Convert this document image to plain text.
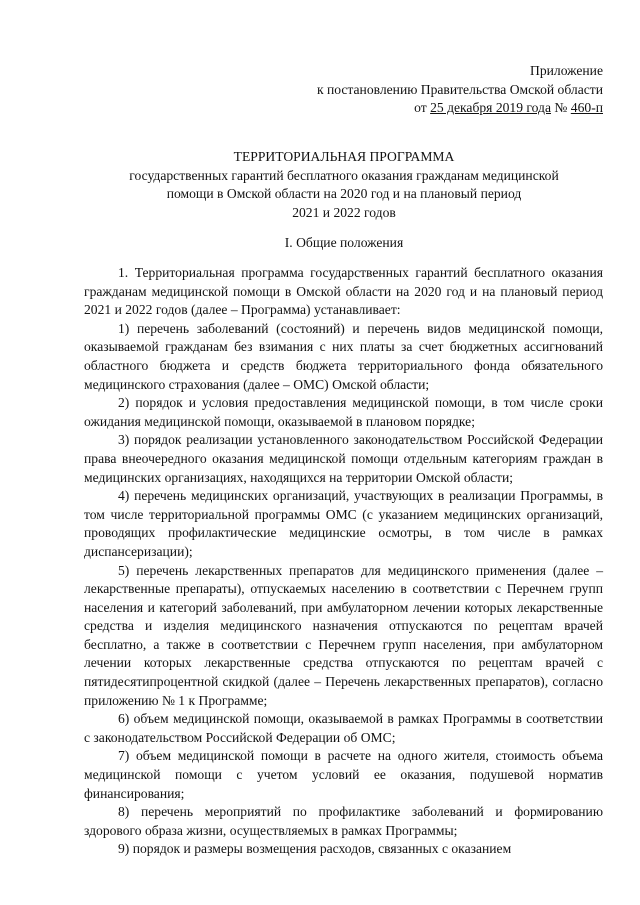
Приложение
к постановлению Правительства Омской области
от 25 декабря 2019 года № 460-п
ТЕРРИТОРИАЛЬНАЯ ПРОГРАММА
государственных гарантий бесплатного оказания гражданам медицинской
помощи в Омской области на 2020 год и на плановый период
2021 и 2022 годов
I. Общие положения

1. Территориальная программа государственных гарантий бесплатного оказания гражданам медицинской помощи в Омской области на 2020 год и на плановый период 2021 и 2022 годов (далее – Программа) устанавливает:

1) перечень заболеваний (состояний) и перечень видов медицинской помощи, оказываемой гражданам без взимания с них платы за счет бюджетных ассигнований областного бюджета и средств бюджета территориального фонда обязательного медицинского страхования (далее – ОМС) Омской области;

2) порядок и условия предоставления медицинской помощи, в том числе сроки ожидания медицинской помощи, оказываемой в плановом порядке;

3) порядок реализации установленного законодательством Российской Федерации права внеочередного оказания медицинской помощи отдельным категориям граждан в медицинских организациях, находящихся на территории Омской области;

4) перечень медицинских организаций, участвующих в реализации Программы, в том числе территориальной программы ОМС (с указанием медицинских организаций, проводящих профилактические медицинские осмотры, в том числе в рамках диспансеризации);

5) перечень лекарственных препаратов для медицинского применения (далее – лекарственные препараты), отпускаемых населению в соответствии с Перечнем групп населения и категорий заболеваний, при амбулаторном лечении которых лекарственные средства и изделия медицинского назначения отпускаются по рецептам врачей бесплатно, а также в соответствии с Перечнем групп населения, при амбулаторном лечении которых лекарственные средства отпускаются по рецептам врачей с пятидесятипроцентной скидкой (далее – Перечень лекарственных препаратов), согласно приложению № 1 к Программе;

6) объем медицинской помощи, оказываемой в рамках Программы в соответствии с законодательством Российской Федерации об ОМС;

7) объем медицинской помощи в расчете на одного жителя, стоимость объема медицинской помощи с учетом условий ее оказания, подушевой норматив финансирования;

8) перечень мероприятий по профилактике заболеваний и формированию здорового образа жизни, осуществляемых в рамках Программы;

9) порядок и размеры возмещения расходов, связанных с оказанием
